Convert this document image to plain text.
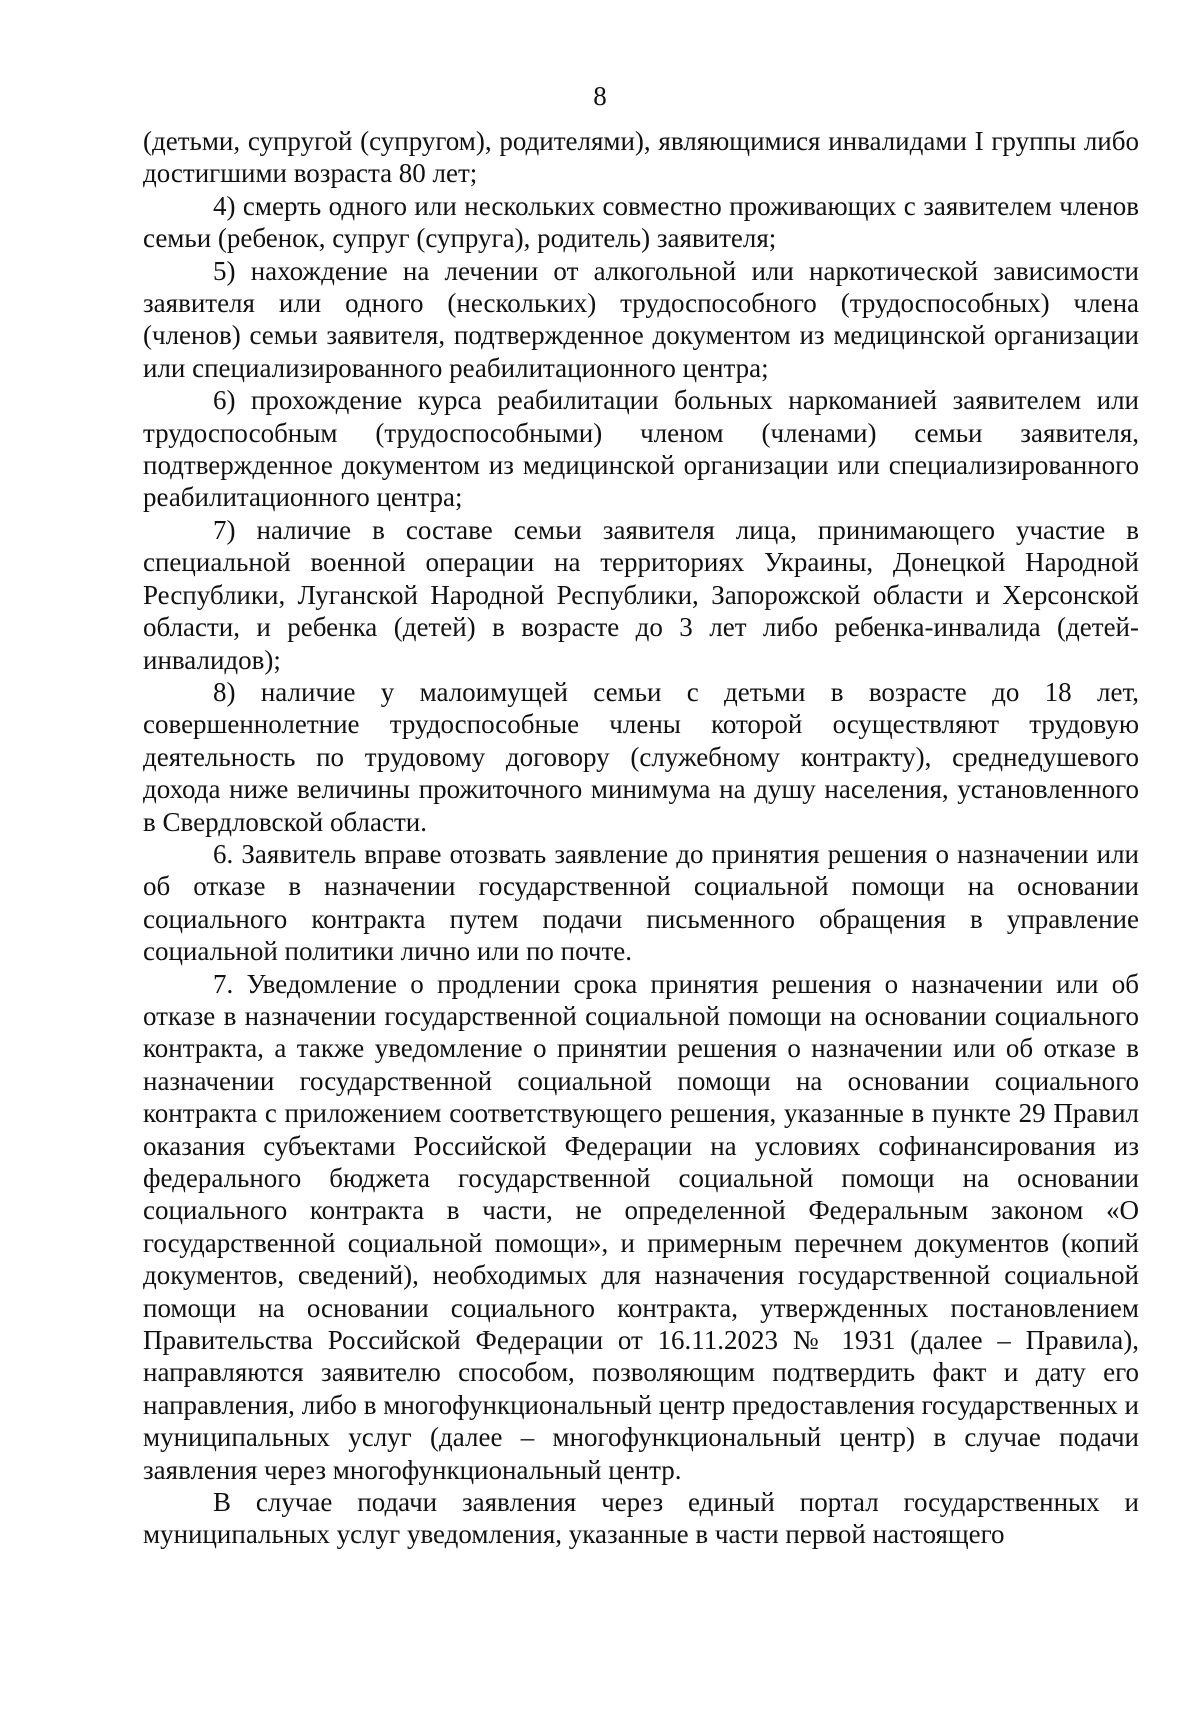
8

(детьми, супругой (супругом), родителями), являющимися инвалидами I группы либо достигшими возраста 80 лет;

4) смерть одного или нескольких совместно проживающих с заявителем членов семьи (ребенок, супруг (супруга), родитель) заявителя;

5) нахождение на лечении от алкогольной или наркотической зависимости заявителя или одного (нескольких) трудоспособного (трудоспособных) члена (членов) семьи заявителя, подтвержденное документом из медицинской организации или специализированного реабилитационного центра;

6) прохождение курса реабилитации больных наркоманией заявителем или трудоспособным (трудоспособными) членом (членами) семьи заявителя, подтвержденное документом из медицинской организации или специализированного реабилитационного центра;

7) наличие в составе семьи заявителя лица, принимающего участие в специальной военной операции на территориях Украины, Донецкой Народной Республики, Луганской Народной Республики, Запорожской области и Херсонской области, и ребенка (детей) в возрасте до 3 лет либо ребенка-инвалида (детей-инвалидов);

8) наличие у малоимущей семьи с детьми в возрасте до 18 лет, совершеннолетние трудоспособные члены которой осуществляют трудовую деятельность по трудовому договору (служебному контракту), среднедушевого дохода ниже величины прожиточного минимума на душу населения, установленного в Свердловской области.

6. Заявитель вправе отозвать заявление до принятия решения о назначении или об отказе в назначении государственной социальной помощи на основании социального контракта путем подачи письменного обращения в управление социальной политики лично или по почте.

7. Уведомление о продлении срока принятия решения о назначении или об отказе в назначении государственной социальной помощи на основании социального контракта, а также уведомление о принятии решения о назначении или об отказе в назначении государственной социальной помощи на основании социального контракта с приложением соответствующего решения, указанные в пункте 29 Правил оказания субъектами Российской Федерации на условиях софинансирования из федерального бюджета государственной социальной помощи на основании социального контракта в части, не определенной Федеральным законом «О государственной социальной помощи», и примерным перечнем документов (копий документов, сведений), необходимых для назначения государственной социальной помощи на основании социального контракта, утвержденных постановлением Правительства Российской Федерации от 16.11.2023 № 1931 (далее – Правила), направляются заявителю способом, позволяющим подтвердить факт и дату его направления, либо в многофункциональный центр предоставления государственных и муниципальных услуг (далее – многофункциональный центр) в случае подачи заявления через многофункциональный центр.

В случае подачи заявления через единый портал государственных и муниципальных услуг уведомления, указанные в части первой настоящего
